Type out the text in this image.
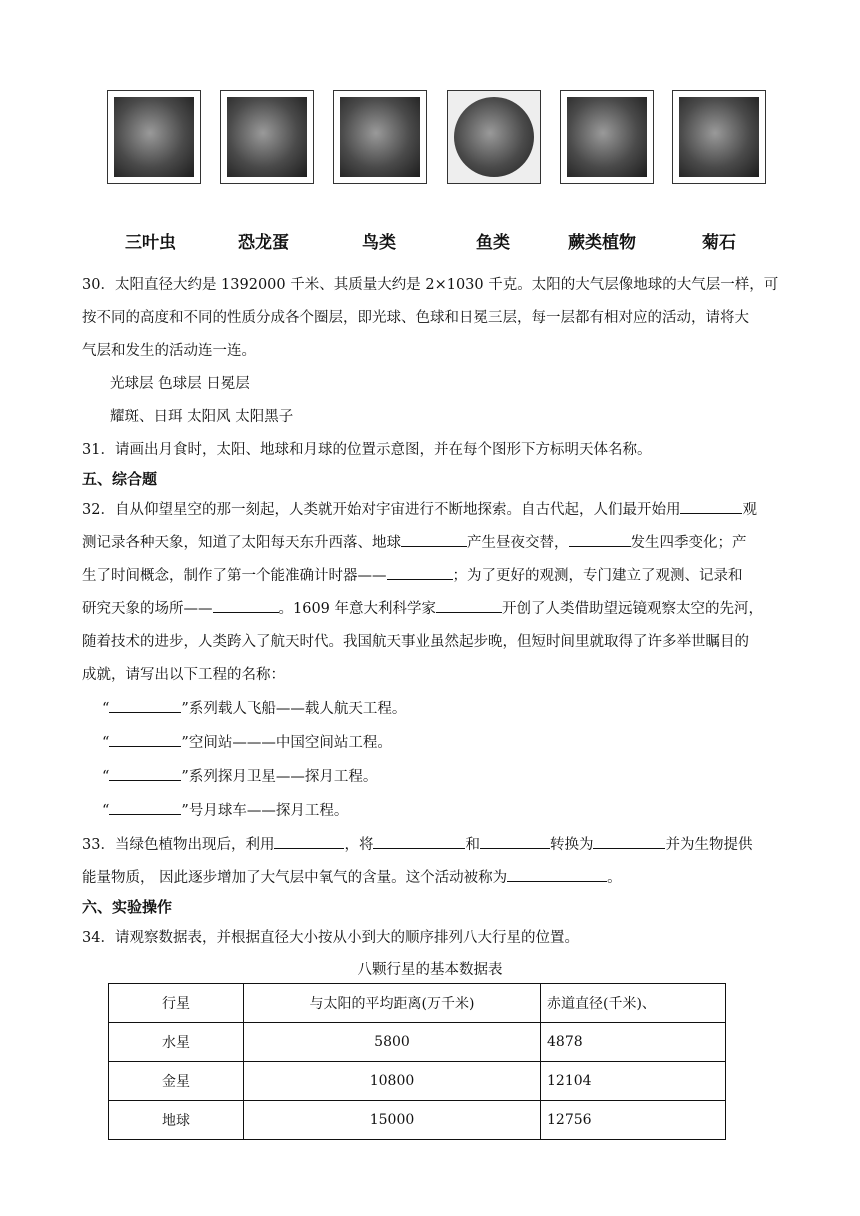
三叶虫	恐龙蛋	鸟类	鱼类	蕨类植物	菊石
30．太阳直径大约是 1392000 千米、其质量大约是 2×1030 千克。太阳的大气层像地球的大气层一样，可
按不同的高度和不同的性质分成各个圈层，即光球、色球和日冕三层，每一层都有相对应的活动，请将大
气层和发生的活动连一连。
光球层 色球层 日冕层
耀斑、日珥 太阳风 太阳黑子
31．请画出月食时，太阳、地球和月球的位置示意图，并在每个图形下方标明天体名称。
五、综合题
32．自从仰望星空的那一刻起，人类就开始对宇宙进行不断地探索。自古代起，人们最开始用	观
测记录各种天象，知道了太阳每天东升西落、地球	产生昼夜交替，	发生四季变化；产
生了时间概念，制作了第一个能准确计时器——	；为了更好的观测，专门建立了观测、记录和
研究天象的场所——	。1609 年意大利科学家	开创了人类借助望远镜观察太空的先河，
随着技术的进步，人类跨入了航天时代。我国航天事业虽然起步晚，但短时间里就取得了许多举世瞩目的
成就，请写出以下工程的名称：
“	”系列载人飞船——载人航天工程。
“	”空间站———中国空间站工程。
“	”系列探月卫星——探月工程。
“	”号月球车——探月工程。
33．当绿色植物出现后，利用	，将	和	转换为	并为生物提供
能量物质， 因此逐步增加了大气层中氧气的含量。这个活动被称为	。
六、实验操作
34．请观察数据表，并根据直径大小按从小到大的顺序排列八大行星的位置。
八颗行星的基本数据表
行星	与太阳的平均距离(万千米)	赤道直径(千米)、
水星	5800	4878
金星	10800	12104
地球	15000	12756
